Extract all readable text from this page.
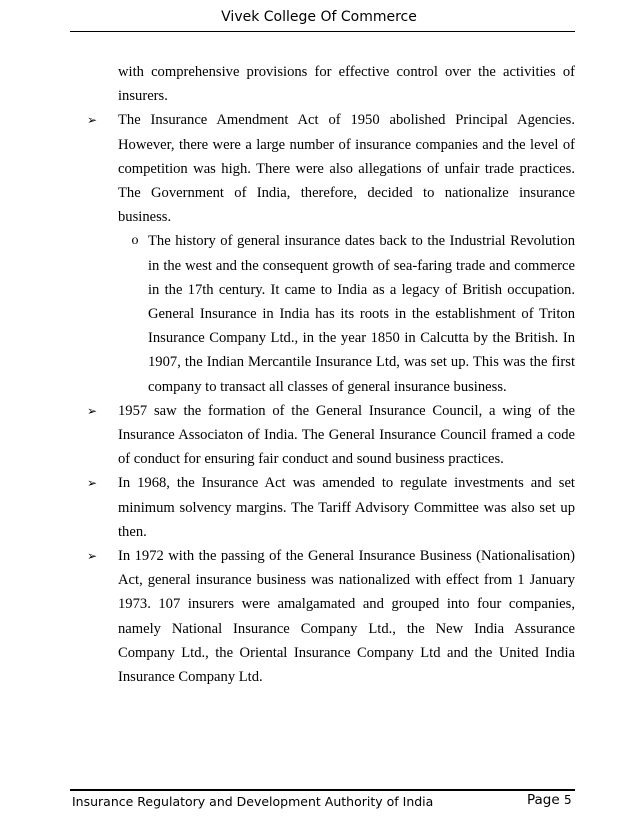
Vivek College Of Commerce

with comprehensive provisions for effective control over the activities of insurers.

➢ The Insurance Amendment Act of 1950 abolished Principal Agencies. However, there were a large number of insurance companies and the level of competition was high. There were also allegations of unfair trade practices. The Government of India, therefore, decided to nationalize insurance business.

o The history of general insurance dates back to the Industrial Revolution in the west and the consequent growth of sea-faring trade and commerce in the 17th century. It came to India as a legacy of British occupation. General Insurance in India has its roots in the establishment of Triton Insurance Company Ltd., in the year 1850 in Calcutta by the British. In 1907, the Indian Mercantile Insurance Ltd, was set up. This was the first company to transact all classes of general insurance business.

➢ 1957 saw the formation of the General Insurance Council, a wing of the Insurance Associaton of India. The General Insurance Council framed a code of conduct for ensuring fair conduct and sound business practices.

➢ In 1968, the Insurance Act was amended to regulate investments and set minimum solvency margins. The Tariff Advisory Committee was also set up then.

➢ In 1972 with the passing of the General Insurance Business (Nationalisation) Act, general insurance business was nationalized with effect from 1 January 1973. 107 insurers were amalgamated and grouped into four companies, namely National Insurance Company Ltd., the New India Assurance Company Ltd., the Oriental Insurance Company Ltd and the United India Insurance Company Ltd.

Insurance Regulatory and Development Authority of India	Page 5
